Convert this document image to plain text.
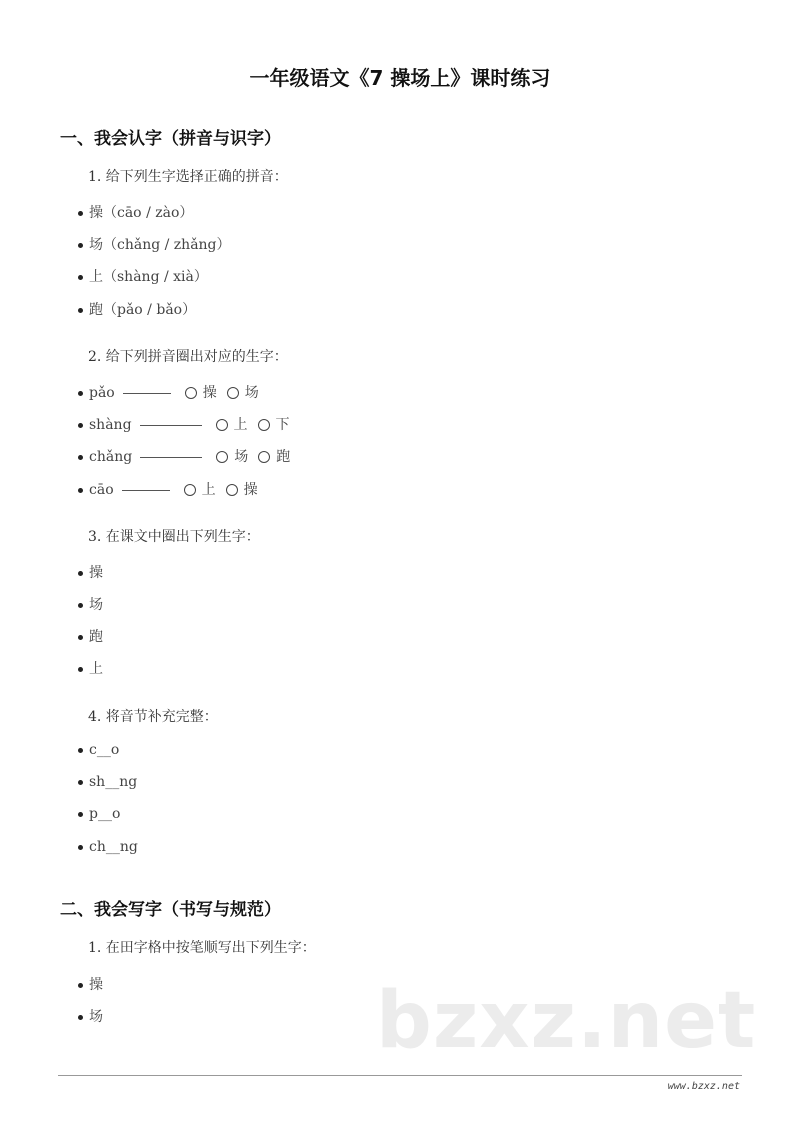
一年级语文《7 操场上》课时练习
一、我会认字（拼音与识字）
1. 给下列生字选择正确的拼音：
操（cāo / zào）
场（chǎng / zhǎng）
上（shàng / xià）
跑（pǎo / bǎo）
2. 给下列拼音圈出对应的生字：
pǎo	操 场
shàng	上 下
chǎng	场 跑
cāo	上 操
3. 在课文中圈出下列生字：
操
场
跑
上
4. 将音节补充完整：
c__o
sh__ng
p__o
ch__ng
二、我会写字（书写与规范）
1. 在田字格中按笔顺写出下列生字：
操
场	bzxz.net
www.bzxz.net
